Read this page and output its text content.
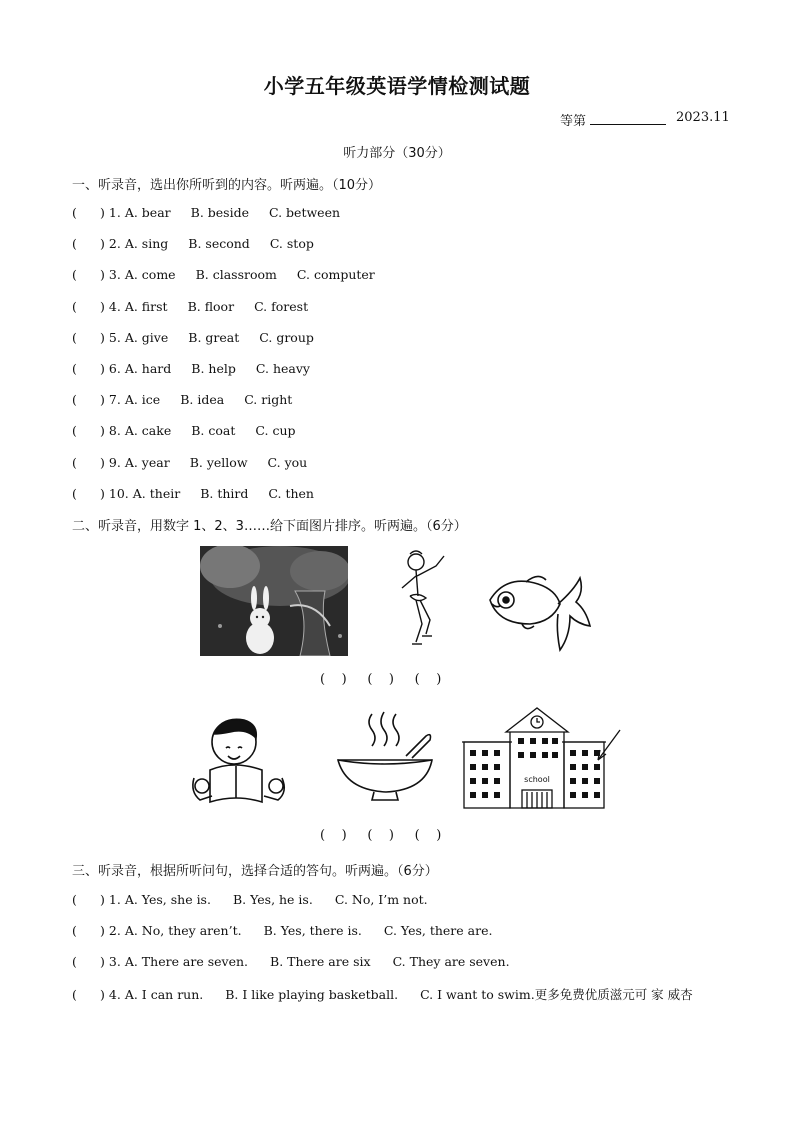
小学五年级英语学情检测试题
等第	2023.11
听力部分（30分）
一、听录音，选出你所听到的内容。听两遍。（10分）
( ) 1. A. bear B. beside C. between
( ) 2. A. sing B. second C. stop
( ) 3. A. come B. classroom C. computer
( ) 4. A. first B. floor C. forest
( ) 5. A. give B. great C. group
( ) 6. A. hard B. help C. heavy
( ) 7. A. ice B. idea C. right
( ) 8. A. cake B. coat C. cup
( ) 9. A. year B. yellow C. you
( ) 10. A. their B. third C. then
二、听录音，用数字 1、2、3……给下面图片排序。听两遍。（6分）
(    )     (    )     (    )
school
(    )     (    )     (    )
三、听录音，根据所听问句，选择合适的答句。听两遍。（6分）
( ) 1. A. Yes, she is. B. Yes, he is. C. No, I’m not.
( ) 2. A. No, they aren’t. B. Yes, there is. C. Yes, there are.
( ) 3. A. There are seven. B. There are six C. They are seven.
( ) 4. A. I can run. B. I like playing basketball. C. I want to swim.更多免费优质滋元可 家 威杏
